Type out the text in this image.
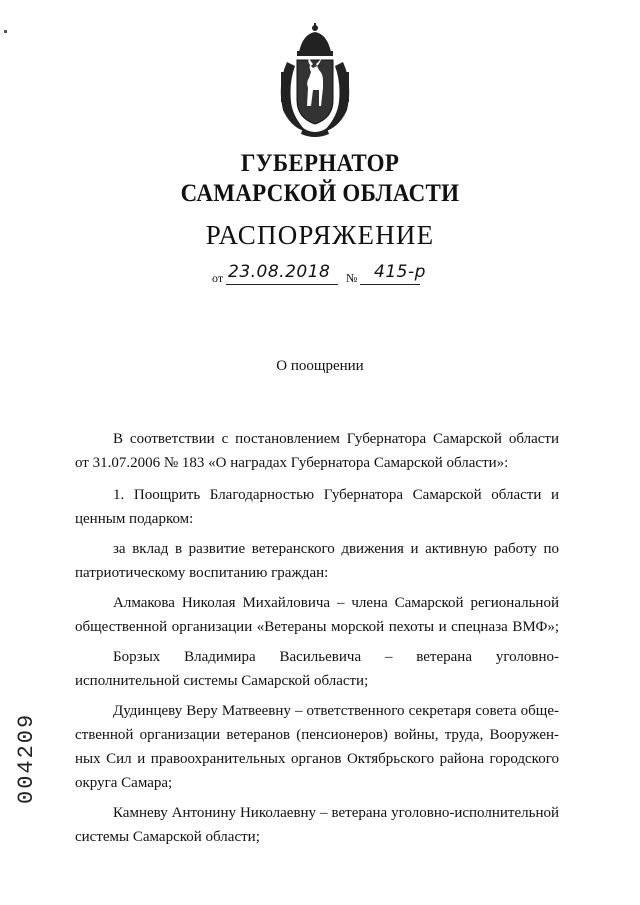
ГУБЕРНАТОР
САМАРСКОЙ ОБЛАСТИ
РАСПОРЯЖЕНИЕ
от 23.08.2018 № 415-р
О поощрении
В соответствии с постановлением Губернатора Самарской области
от 31.07.2006 № 183 «О наградах Губернатора Самарской области»:
1. Поощрить Благодарностью Губернатора Самарской области и
ценным подарком:
за вклад в развитие ветеранского движения и активную работу по
патриотическому воспитанию граждан:
Алмакова Николая Михайловича – члена Самарской региональной
общественной организации «Ветераны морской пехоты и спецназа ВМФ»;
Борзых Владимира Васильевича – ветерана уголовно-
исполнительной системы Самарской области;
Дудинцеву Веру Матвеевну – ответственного секретаря совета обще-
ственной организации ветеранов (пенсионеров) войны, труда, Вооружен-
ных Сил и правоохранительных органов Октябрьского района городского
округа Самара;
Камневу Антонину Николаевну – ветерана уголовно-исполнительной
системы Самарской области;
004209
